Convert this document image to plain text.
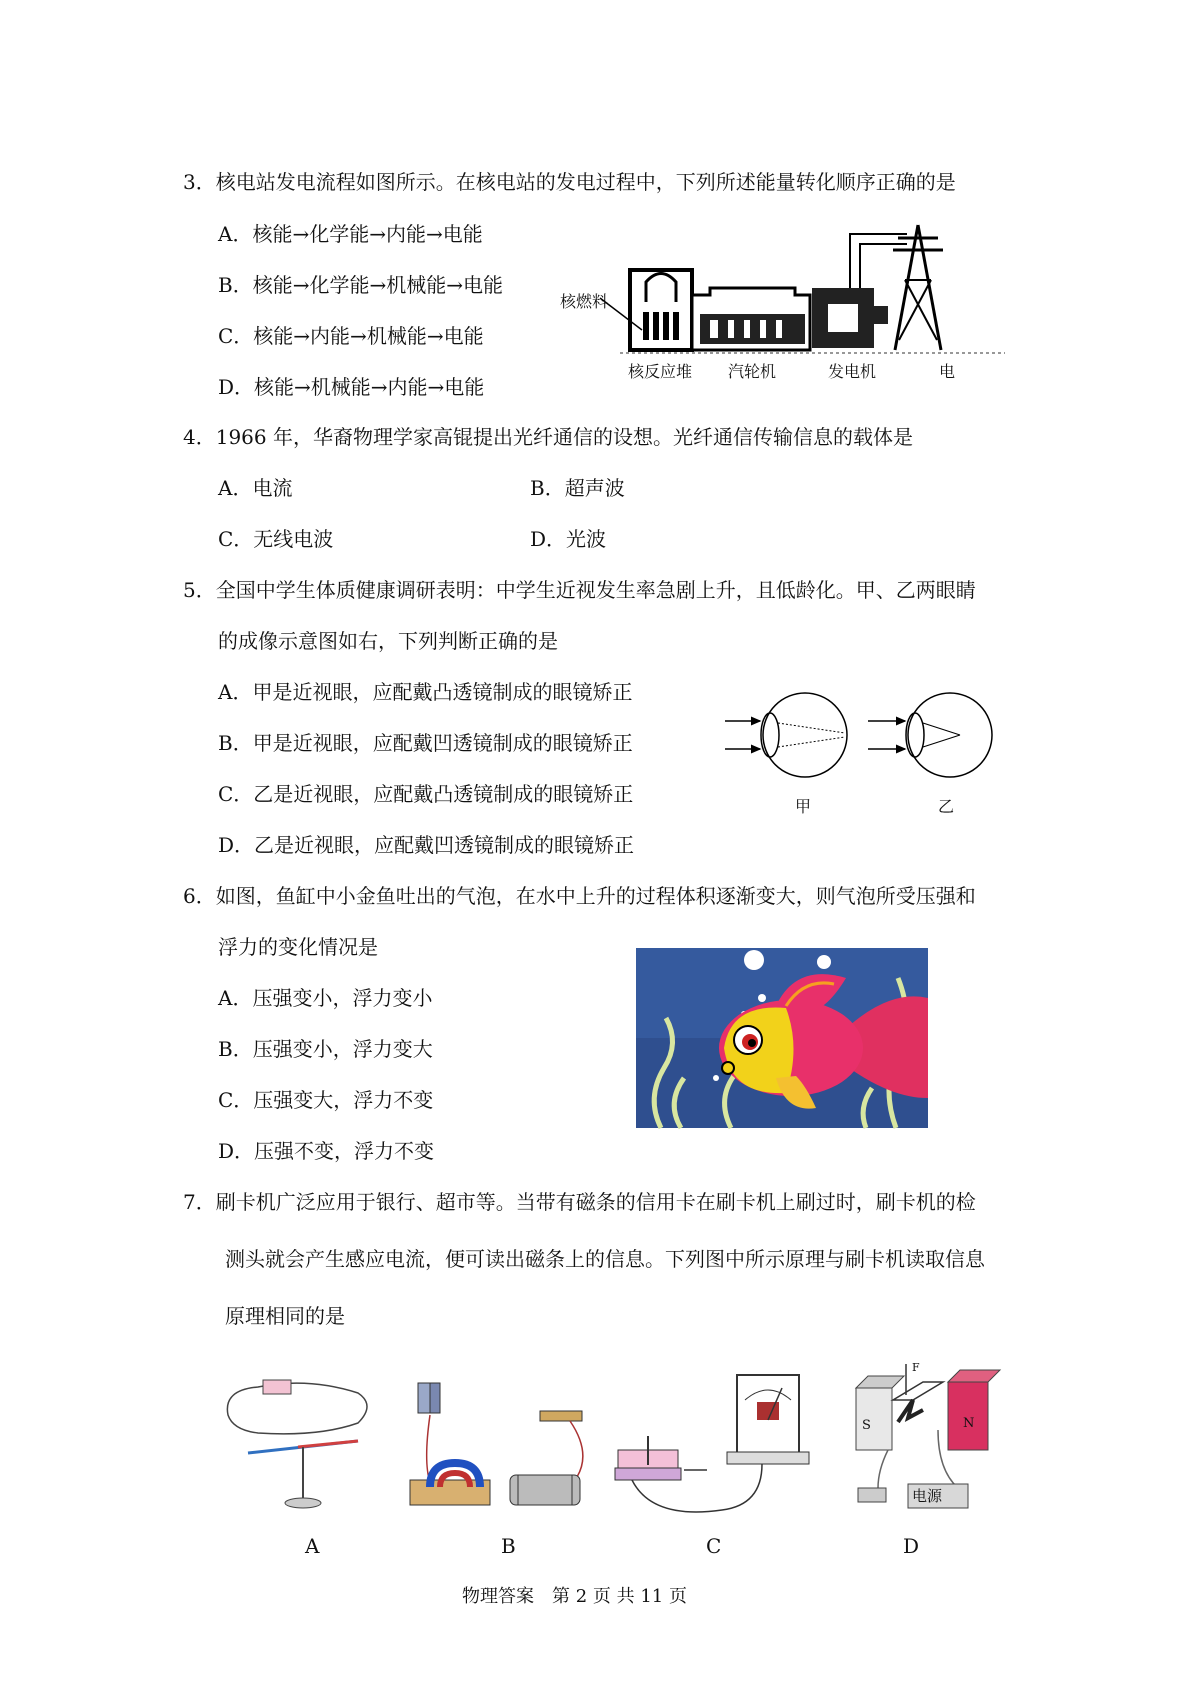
3．核电站发电流程如图所示。在核电站的发电过程中，下列所述能量转化顺序正确的是
A．核能→化学能→内能→电能
B．核能→化学能→机械能→电能
C．核能→内能→机械能→电能
D．核能→机械能→内能→电能
核燃料
核反应堆 汽轮机	发电机	电
4．1966 年，华裔物理学家高锟提出光纤通信的设想。光纤通信传输信息的载体是
A．电流	B．超声波
C．无线电波	D．光波
5．全国中学生体质健康调研表明：中学生近视发生率急剧上升，且低龄化。甲、乙两眼睛
的成像示意图如右，下列判断正确的是
A．甲是近视眼，应配戴凸透镜制成的眼镜矫正
B．甲是近视眼，应配戴凹透镜制成的眼镜矫正
C．乙是近视眼，应配戴凸透镜制成的眼镜矫正
D．乙是近视眼，应配戴凹透镜制成的眼镜矫正
甲	乙
6．如图，鱼缸中小金鱼吐出的气泡，在水中上升的过程体积逐渐变大，则气泡所受压强和
浮力的变化情况是
A．压强变小，浮力变小
B．压强变小，浮力变大
C．压强变大，浮力不变
D．压强不变，浮力不变
7．刷卡机广泛应用于银行、超市等。当带有磁条的信用卡在刷卡机上刷过时，刷卡机的检
测头就会产生感应电流，便可读出磁条上的信息。下列图中所示原理与刷卡机读取信息
原理相同的是
S	N
F
电源
A	B	C	D
物理答案　第 2 页 共 11 页
